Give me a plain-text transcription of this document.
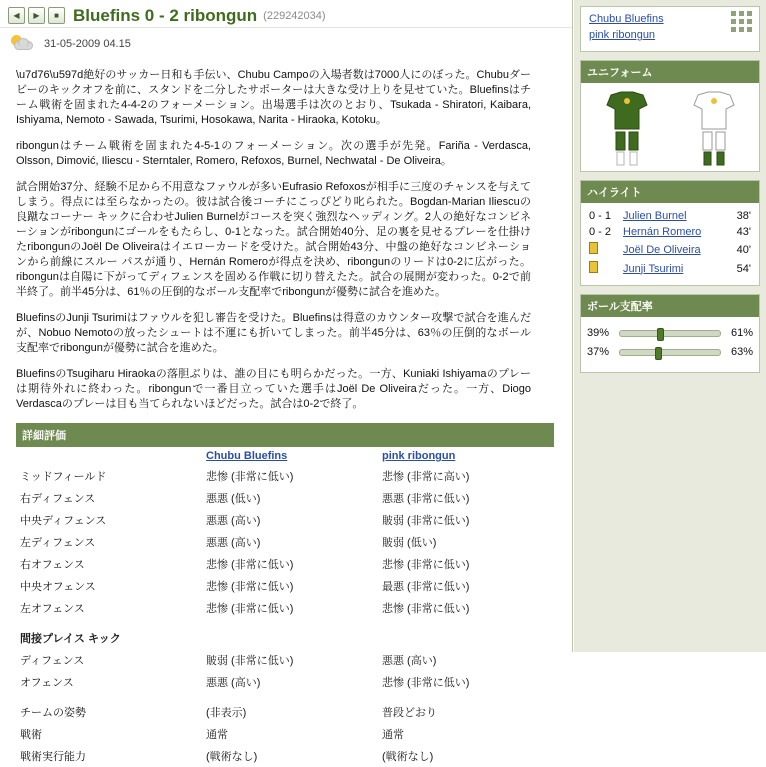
◀	▶	■ Bluefins 0 - 2 ribongun (229242034)
31-05-2009 04.15

\u7d76\u597d絶好のサッカー日和も手伝い、Chubu Campoの入場者数は7000人にのぼった。Chubuダービーのキックオフを前に、スタンドを二分したサポーターは大きな受け上りを見せていた。Bluefinsはチーム戦術を固まれた4-4-2のフォーメーション。出場選手は次のとおり、Tsukada - Shiratori, Kaibara, Ishiyama, Nemoto - Sawada, Tsurimi, Hosokawa, Narita - Hiraoka, Kotoku。

ribongunはチーム戦術を固まれた4-5-1のフォーメーション。次の選手が先発。Fariña - Verdasca, Olsson, Dimović, Iliescu - Sterntaler, Romero, Refoxos, Burnel, Nechwatal - De Oliveira。

試合開始37分、経験不足から不用意なファウルが多いEufrasio Refoxosが相手に三度のチャンスを与えてしまう。得点には至らなかったの。彼は試合後コーチにこっぴどり叱られた。Bogdan-Marian Iliescuの良蹴なコーナー キックに合わせJulien Burnelがコースを突く強烈なヘッディング。2人の絶好なコンビネーションがribongunにゴールをもたらし、0-1となった。試合開始40分、足の裏を見せるプレーを仕掛けたribongunのJoël De Oliveiraはイエローカードを受けた。試合開始43分、中盤の絶好なコンビネーションから前線にスルー パスが通り、Hernán Romeroが得点を決め、ribongunのリードは0-2に広がった。ribongunは自陽に下がってディフェンスを固める作戦に切り替えたた。試合の展開が変わった。0-2で前半終了。前半45分は、61％の圧倒的なボール支配率でribongunが優勢に試合を進めた。

BluefinsのJunji Tsurimiはファウルを犯し審告を受けた。Bluefinsは得意のカウンター攻撃で試合を進んだが、Nobuo Nemotoの放ったシュートは不運にも折いてしまった。前半45分は、63％の圧倒的なボール支配率でribongunが優勢に試合を進めた。

BluefinsのTsugiharu Hiraokaの落胆ぶりは、誰の目にも明らかだった。一方、Kuniaki Ishiyamaのプレーは期待外れに終わった。ribongunで一番目立っていた選手はJoël De Oliveiraだった。一方、Diogo Verdascaのプレーは目も当てられないほどだった。試合は0-2で終了。

詳細評価
	Chubu Bluefins	pink ribongun
ミッドフィールド	悲惨 (非常に低い)	悲惨 (非常に高い)
右ディフェンス	悪悪 (低い)	悪悪 (非常に低い)
中央ディフェンス	悪悪 (高い)	貱弱 (非常に低い)
左ディフェンス	悪悪 (高い)	貱弱 (低い)
右オフェンス	悲惨 (非常に低い)	悲惨 (非常に低い)
中央オフェンス	悲惨 (非常に低い)	最悪 (非常に低い)
左オフェンス	悲惨 (非常に低い)	悲惨 (非常に低い)

間接プレイス キック		
ディフェンス	貱弱 (非常に低い)	悪悪 (高い)
オフェンス	悪悪 (高い)	悲惨 (非常に低い)

チームの姿勢	(非表示)	普段どおり
戦術	通常	通常
戦術実行能力	(戦術なし)	(戦術なし)
Chubu Bluefins
pink ribongun
ユニフォーム
ハイライト
0 - 1	Julien Burnel	38'
0 - 2	Hernán Romero	43'
	Joël De Oliveira	40'
	Junji Tsurimi	54'
ボール支配率
39%	61%
37%	63%
